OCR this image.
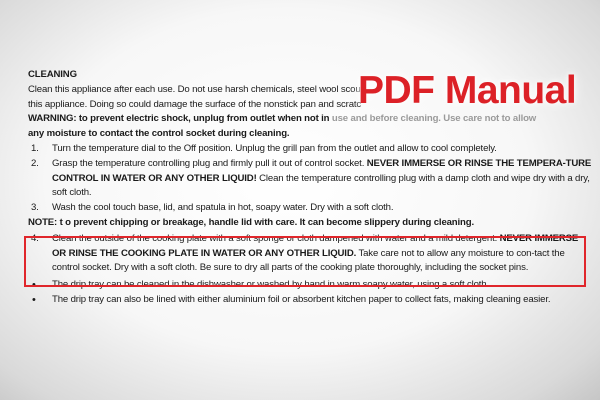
CLEANING

Clean this appliance after each use. Do not use harsh chemicals, steel wool scou

this appliance. Doing so could damage the surface of the nonstick pan and scratc

WARNING: to prevent electric shock, unplug from outlet when not in use and before cleaning. Use care not to allow

any moisture to contact the control socket during cleaning.

1. Turn the temperature dial to the Off position. Unplug the grill pan from the outlet and allow to cool completely.
2. Grasp the temperature controlling plug and firmly pull it out of control socket. NEVER IMMERSE OR RINSE THE TEMPERA-TURE CONTROL IN WATER OR ANY OTHER LIQUID! Clean the temperature controlling plug with a damp cloth and wipe dry with a dry, soft cloth.
3. Wash the cool touch base, lid, and spatula in hot, soapy water. Dry with a soft cloth.

NOTE: t o prevent chipping or breakage, handle lid with care. It can become slippery during cleaning.

4. Clean the outside of the cooking plate with a soft sponge or cloth dampened with water and a mild detergent. NEVER IMMERSE OR RINSE THE COOKING PLATE IN WATER OR ANY OTHER LIQUID. Take care not to allow any moisture to con-tact the control socket. Dry with a soft cloth. Be sure to dry all parts of the cooking plate thoroughly, including the socket pins.
• The drip tray can be cleaned in the dishwasher or washed by hand in warm soapy water, using a soft cloth.
• The drip tray can also be lined with either aluminium foil or absorbent kitchen paper to collect fats, making cleaning easier.
PDF Manual
